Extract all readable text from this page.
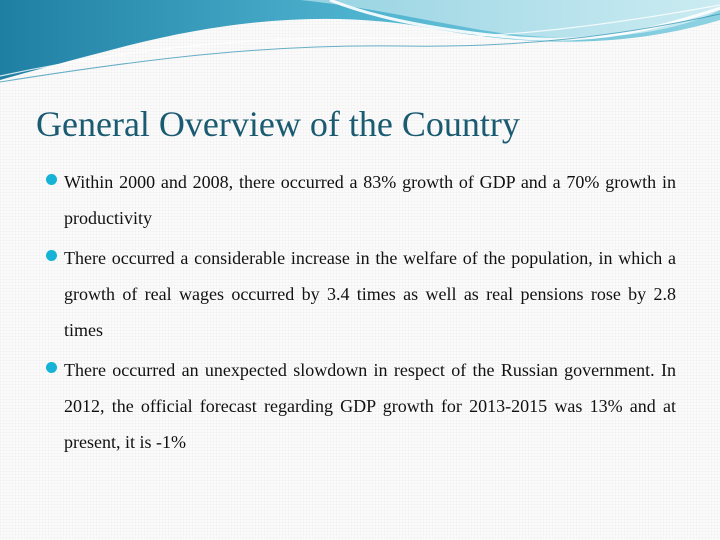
General Overview of the Country
Within 2000 and 2008, there occurred a 83% growth of GDP and a 70% growth in productivity
There occurred a considerable increase in the welfare of the population, in which a growth of real wages occurred by 3.4 times as well as real pensions rose by 2.8 times
There occurred an unexpected slowdown in respect of the Russian government. In 2012, the official forecast regarding GDP growth for 2013-2015 was 13% and at present, it is -1%
